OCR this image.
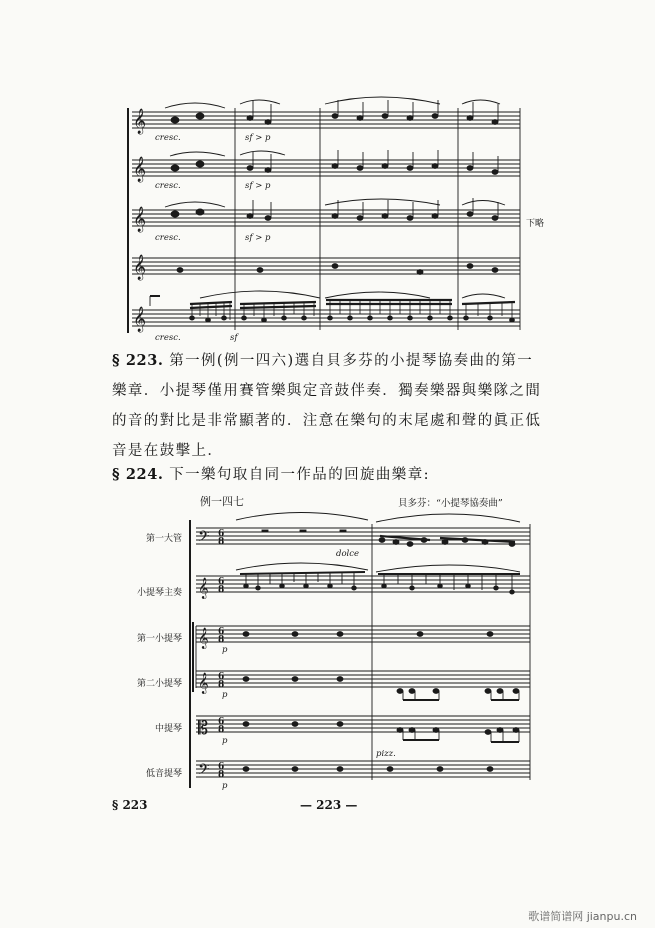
𝄞
𝄞
𝄞
𝄞
𝄞
cresc.	sf > p
cresc.	sf > p
cresc.	sf > p
cresc.	sf
下略
§ 223. 第一例(例一四六)選自貝多芬的小提琴協奏曲的第一樂章．小提琴僅用賽管樂與定音鼓伴奏．獨奏樂器與樂隊之間的音的對比是非常顯著的．注意在樂句的末尾處和聲的眞正低音是在鼓擊上．
§ 224. 下一樂句取自同一作品的回旋曲樂章:
例一四七	貝多芬：“小提琴協奏曲”
第一大管
小提琴主奏
第一小提琴
第二小提琴
中提琴
低音提琴
𝄢
𝄞
𝄞
𝄞
𝄡
𝄢
6
8
6
8
6
8
6
8
6
8
6
8
dolce
p
p
p
p
pizz.
§ 223	— 223 —
歌谱简谱网 jianpu.cn
